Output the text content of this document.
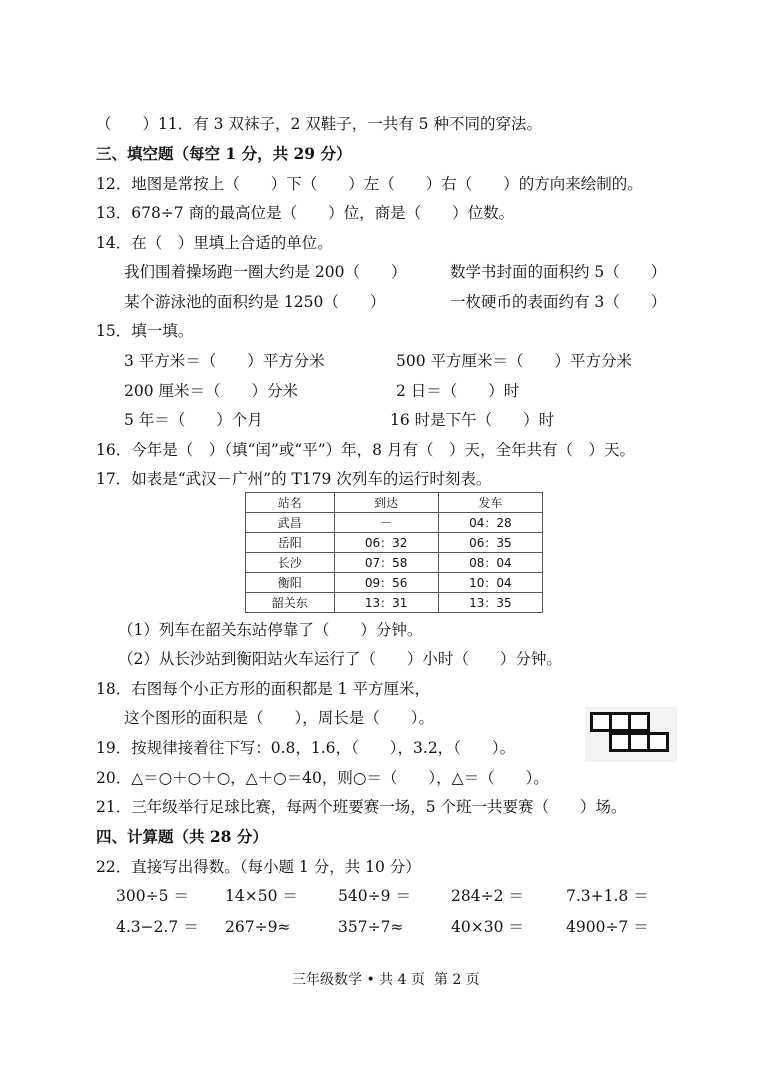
（　　）11．有 3 双袜子，2 双鞋子，一共有 5 种不同的穿法。
三、填空题（每空 1 分，共 29 分）
12．地图是常按上（　　）下（　　）左（　　）右（　　）的方向来绘制的。
13．678÷7 商的最高位是（　　）位，商是（　　）位数。
14．在（　）里填上合适的单位。
我们围着操场跑一圈大约是 200（　　）	数学书封面的面积约 5（　　）
某个游泳池的面积约是 1250（　　）	一枚硬币的表面约有 3（　　）
15．填一填。
3 平方米＝（　　）平方分米	500 平方厘米＝（　　）平方分米
200 厘米＝（　　）分米	2 日＝（　　）时
5 年＝（　　）个月	16 时是下午（　　）时
16．今年是（　）（填“闰”或“平”）年，8 月有（　）天，全年共有（　）天。
17．如表是“武汉－广州”的 T179 次列车的运行时刻表。
站名	到达	发车
武昌	－	04：28
岳阳	06：32	06：35
长沙	07：58	08：04
衡阳	09：56	10：04
韶关东	13：31	13：35
（1）列车在韶关东站停靠了（　　）分钟。
（2）从长沙站到衡阳站火车运行了（　　）小时（　　）分钟。
18．右图每个小正方形的面积都是 1 平方厘米，
这个图形的面积是（　　），周长是（　　）。
19．按规律接着往下写：0.8，1.6，（　　），3.2，（　　）。
20．△＝○＋○＋○，△＋○＝40，则○＝（　　），△＝（　　）。
21．三年级举行足球比赛，每两个班要赛一场，5 个班一共要赛（　　）场。
四、计算题（共 28 分）
22．直接写出得数。（每小题 1 分，共 10 分）
300÷5 ＝ 14×50 ＝	540÷9 ＝	284÷2 ＝	7.3+1.8 ＝
4.3−2.7 ＝ 267÷9≈	357÷7≈	40×30 ＝	4900÷7 ＝
三年级数学 • 共 4 页  第 2 页
